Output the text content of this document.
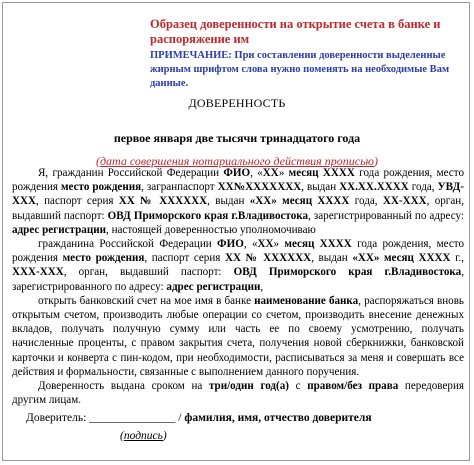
Образец доверенности на открытие счета в банке и распоряжение им
ПРИМЕЧАНИЕ: При составлении доверенности выделенные жирным шрифтом слова нужно поменять на необходимые Вам данные.
ДОВЕРЕННОСТЬ
первое января две тысячи тринадцатого года
(дата совершения нотариального действия прописью)

Я, гражданин Российской Федерации ФИО, «ХХ» месяц ХХХХ года рождения, место рождения место рождения, загранпаспорт ХХ№ХХХХХХХ, выдан ХХ.ХХ.ХХХХ года, УВД-ХХХ, паспорт серия ХХ № ХХХХХХ, выдан «ХХ» месяц ХХХХ года, ХХ-ХХХ, орган, выдавший паспорт: ОВД Приморского края г.Владивостока, зарегистрированный по адресу: адрес регистрации, настоящей доверенностью уполномочиваю

гражданина Российской Федерации ФИО, «ХХ» месяц ХХХХ года рождения, место рождения место рождения, паспорт серия ХХ № ХХХХХХ, выдан «ХХ» месяц ХХХХ г., ХХХ-ХХХ, орган, выдавший паспорт: ОВД Приморского края г.Владивостока, зарегистрированного по адресу: адрес регистрации,

открыть банковский счет на мое имя в банке наименование банка, распоряжаться вновь открытым счетом, производить любые операции со счетом, производить внесение денежных вкладов, получать получную сумму или часть ее по своему усмотрению, получать начисленные проценты, с правом закрытия счета, получения новой сберкнижки, банковской карточки и конверта с пин-кодом, при необходимости, расписываться за меня и совершать все действия и формальности, связанные с выполнением данного поручения.

Доверенность выдана сроком на три/один год(а) с правом/без права передоверия другим лицам.

Доверитель: _______________ / фамилия, имя, отчество доверителя
(подпись)
